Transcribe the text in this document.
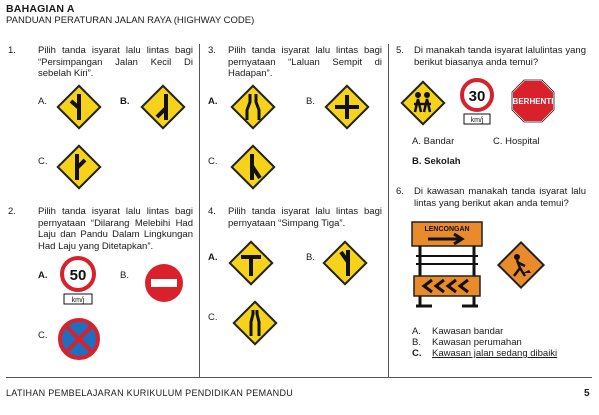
BAHAGIAN A
PANDUAN PERATURAN JALAN RAYA (HIGHWAY CODE)
1. Pilih tanda isyarat lalu lintas bagi “Persimpangan Jalan Kecil Di sebelah Kiri”.
A.	B.
C.
2. Pilih tanda isyarat lalu lintas bagi pernyataan “Dilarang Melebihi Had Laju dan Pandu Dalam Lingkungan Had Laju yang Ditetapkan”.
A. 50
km/j
B.
C.
3. Pilih tanda isyarat lalu lintas bagi pernyataan “Laluan Sempit di Hadapan”.
A.	B.
C.
4. Pilih tanda isyarat lalu lintas bagi pernyataan “Simpang Tiga”.
A.	B.
C.
5. Di manakah tanda isyarat lalulintas yang berikut biasanya anda temui?
30
km/j
BERHENTI
A. Bandar	C. Hospital
B. Sekolah
6. Di kawasan manakah tanda isyarat lalu lintas yang berikut akan anda temui?
LENCONGAN
A. Kawasan bandar
B. Kawasan perumahan
C. Kawasan jalan sedang dibaiki
LATIHAN PEMBELAJARAN KURIKULUM PENDIDIKAN PEMANDU	5
